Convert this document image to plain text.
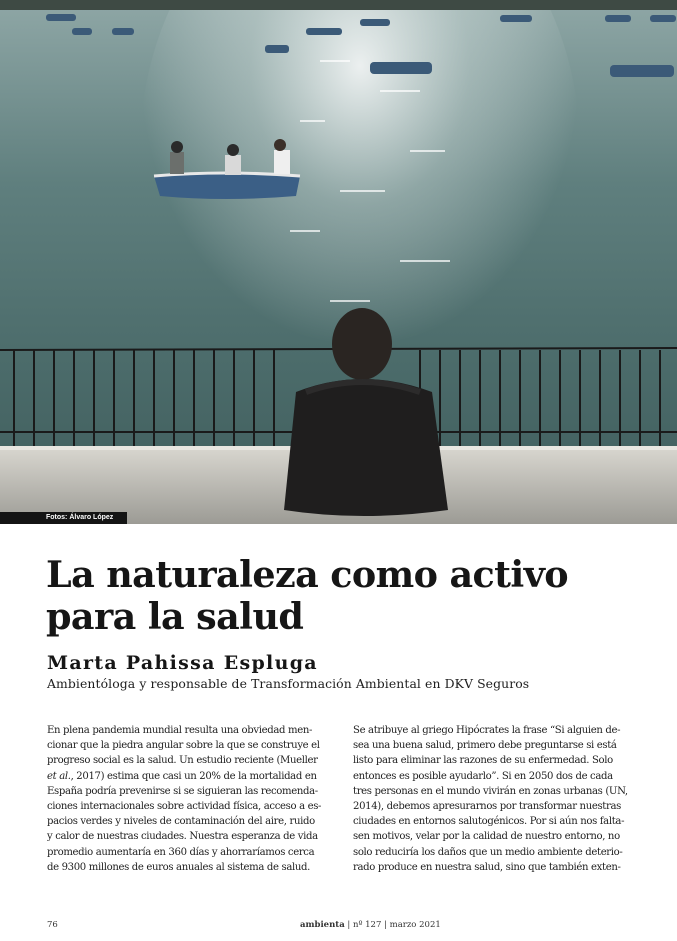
Fotos: Álvaro López
La naturaleza como activo
para la salud

Marta Pahissa Espluga

Ambientóloga y responsable de Transformación Ambiental en DKV Seguros

En plena pandemia mundial resulta una obviedad men-
cionar que la piedra angular sobre la que se construye el
progreso social es la salud. Un estudio reciente (Mueller
et al., 2017) estima que casi un 20% de la mortalidad en
España podría prevenirse si se siguieran las recomenda-
ciones internacionales sobre actividad física, acceso a es-
pacios verdes y niveles de contaminación del aire, ruido
y calor de nuestras ciudades. Nuestra esperanza de vida
promedio aumentaría en 360 días y ahorraríamos cerca
de 9300 millones de euros anuales al sistema de salud.
Se atribuye al griego Hipócrates la frase “Si alguien de-
sea una buena salud, primero debe preguntarse si está
listo para eliminar las razones de su enfermedad. Solo
entonces es posible ayudarlo”. Si en 2050 dos de cada
tres personas en el mundo vivirán en zonas urbanas (UN,
2014), debemos apresurarnos por transformar nuestras
ciudades en entornos salutogénicos. Por si aún nos falta-
sen motivos, velar por la calidad de nuestro entorno, no
solo reduciría los daños que un medio ambiente deterio-
rado produce en nuestra salud, sino que también exten-
76	ambienta | nº 127 | marzo 2021
